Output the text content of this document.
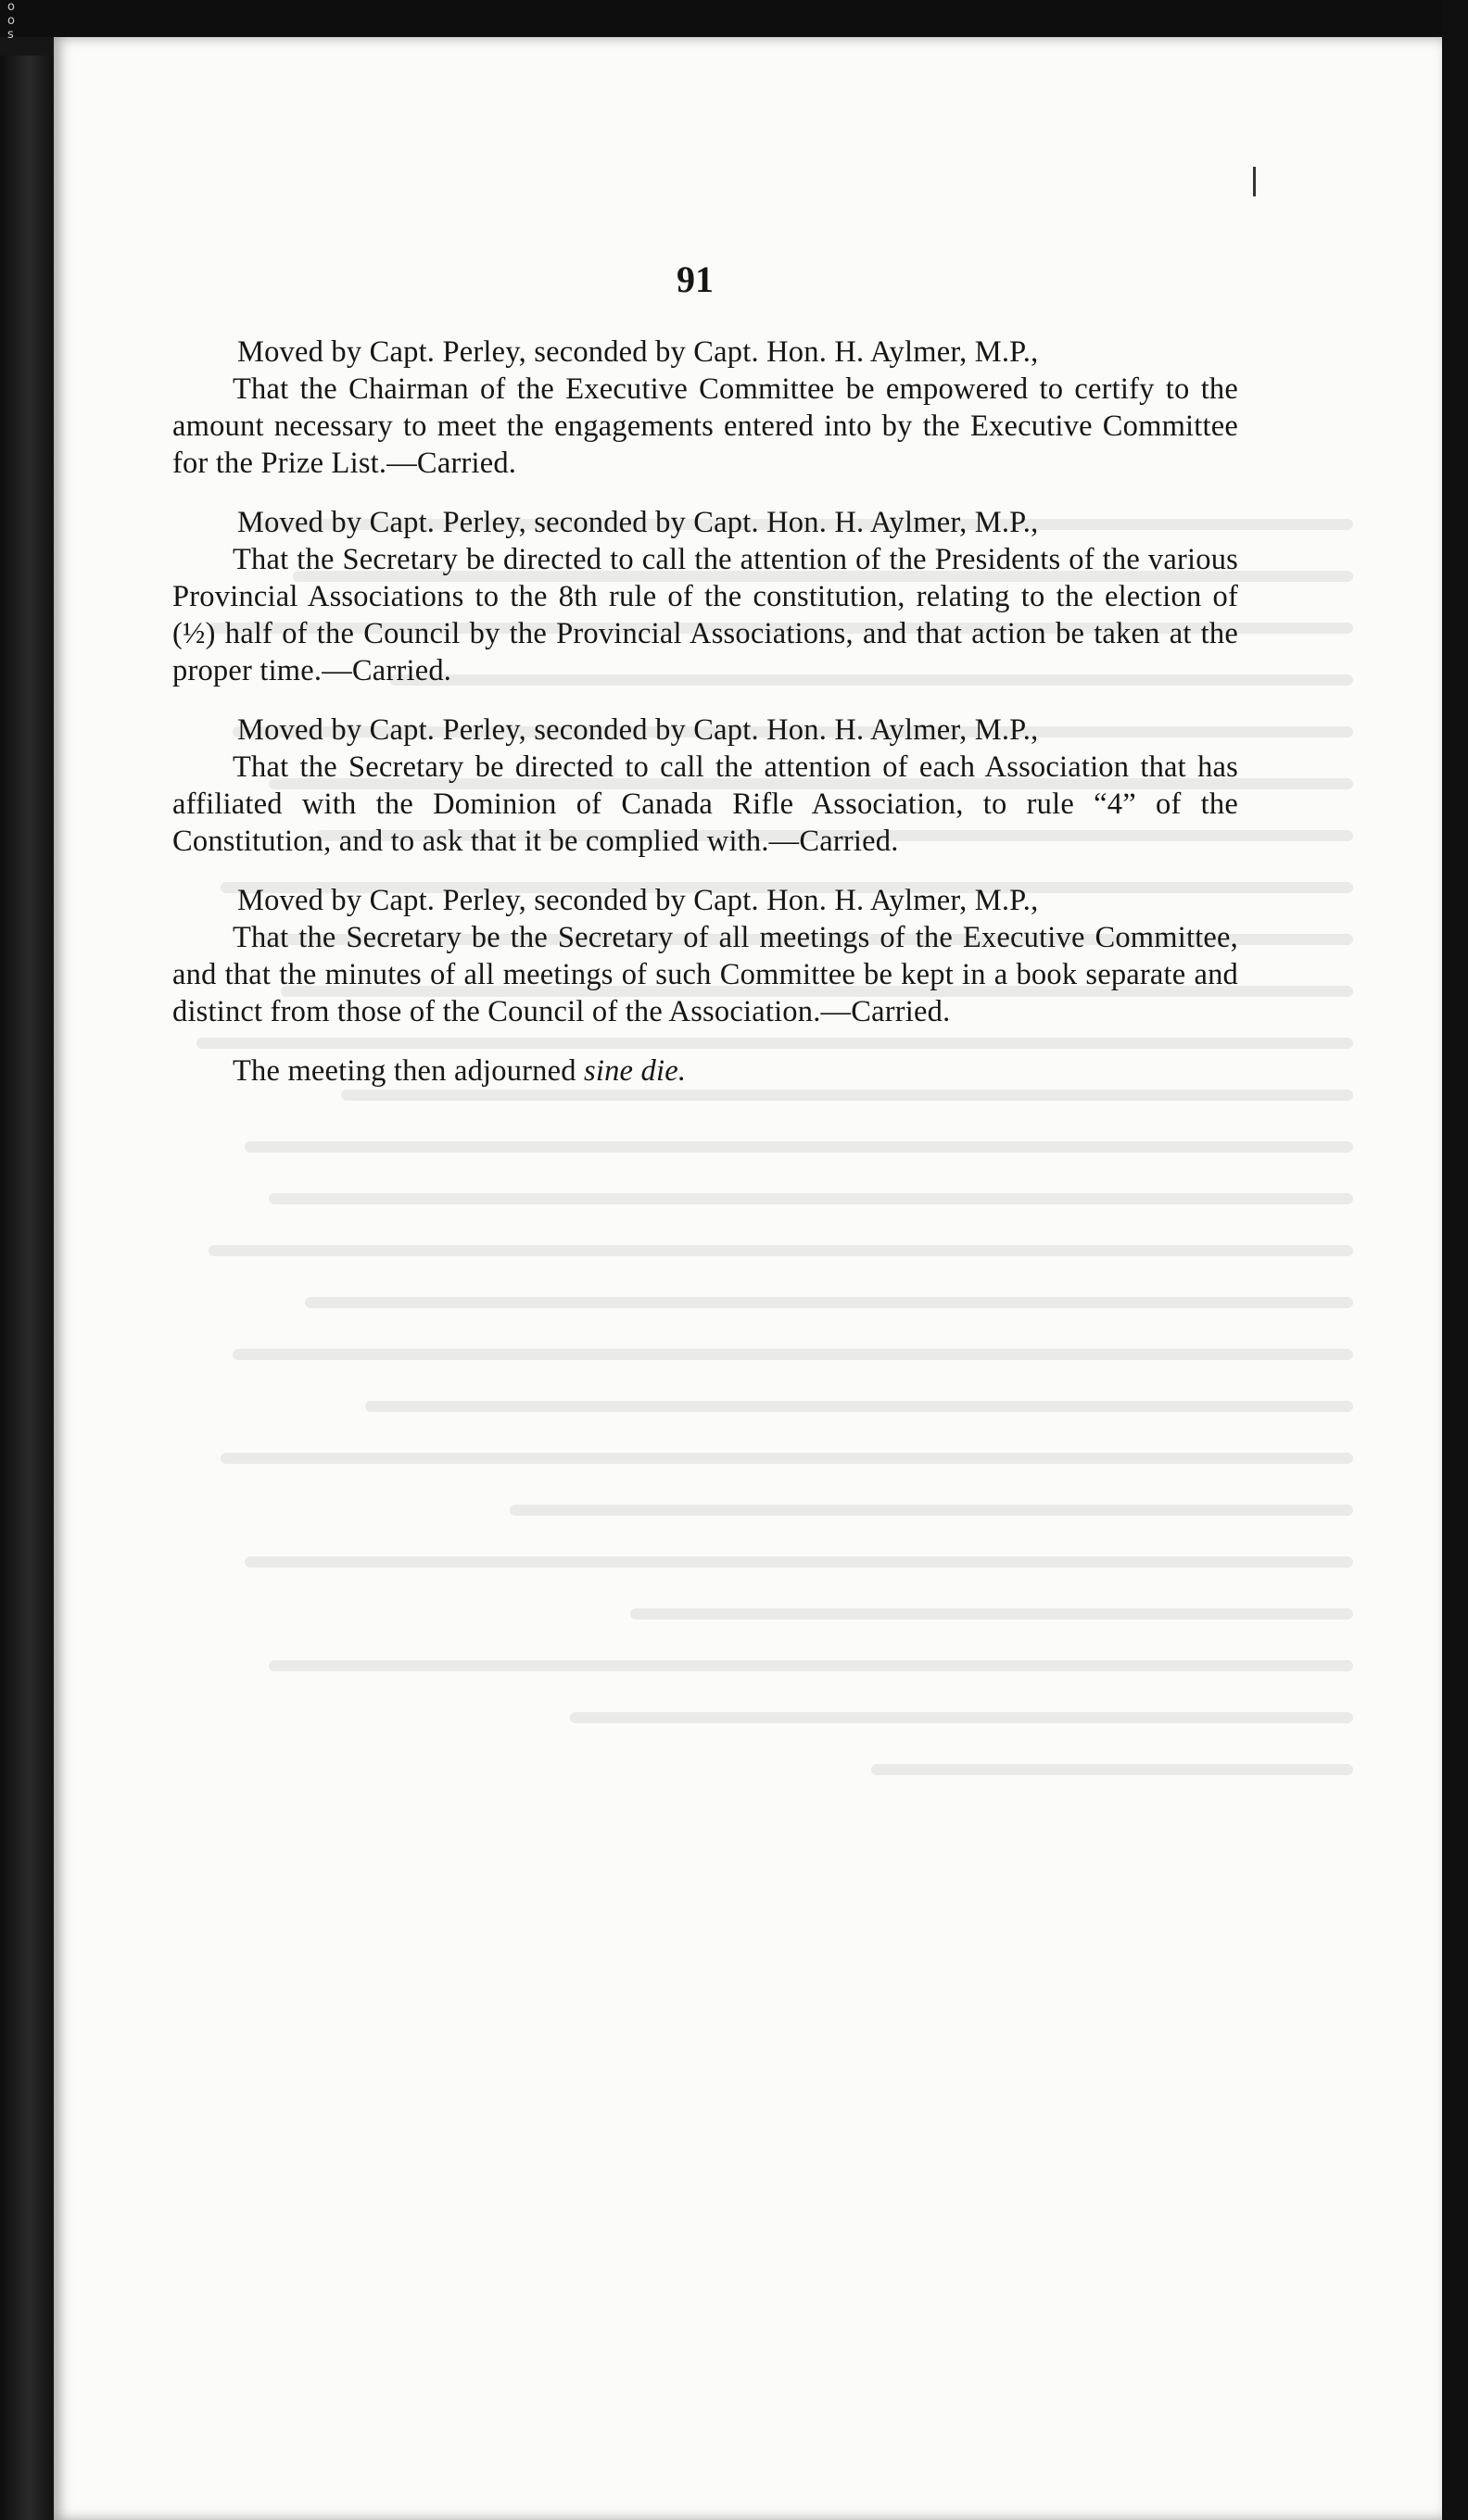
o
o
s
91

Moved by Capt. Perley, seconded by Capt. Hon. H. Aylmer, M.P.,

That the Chairman of the Executive Committee be empowered to certify to the amount necessary to meet the engagements entered into by the Executive Committee for the Prize List.—Carried.

Moved by Capt. Perley, seconded by Capt. Hon. H. Aylmer, M.P.,

That the Secretary be directed to call the attention of the Presidents of the various Provincial Associations to the 8th rule of the constitution, relating to the election of (½) half of the Council by the Provincial Associations, and that action be taken at the proper time.—Carried.

Moved by Capt. Perley, seconded by Capt. Hon. H. Aylmer, M.P.,

That the Secretary be directed to call the attention of each Association that has affiliated with the Dominion of Canada Rifle Association, to rule “4” of the Constitution, and to ask that it be complied with.—Carried.

Moved by Capt. Perley, seconded by Capt. Hon. H. Aylmer, M.P.,

That the Secretary be the Secretary of all meetings of the Executive Committee, and that the minutes of all meetings of such Committee be kept in a book separate and distinct from those of the Council of the Association.—Carried.

The meeting then adjourned sine die.
